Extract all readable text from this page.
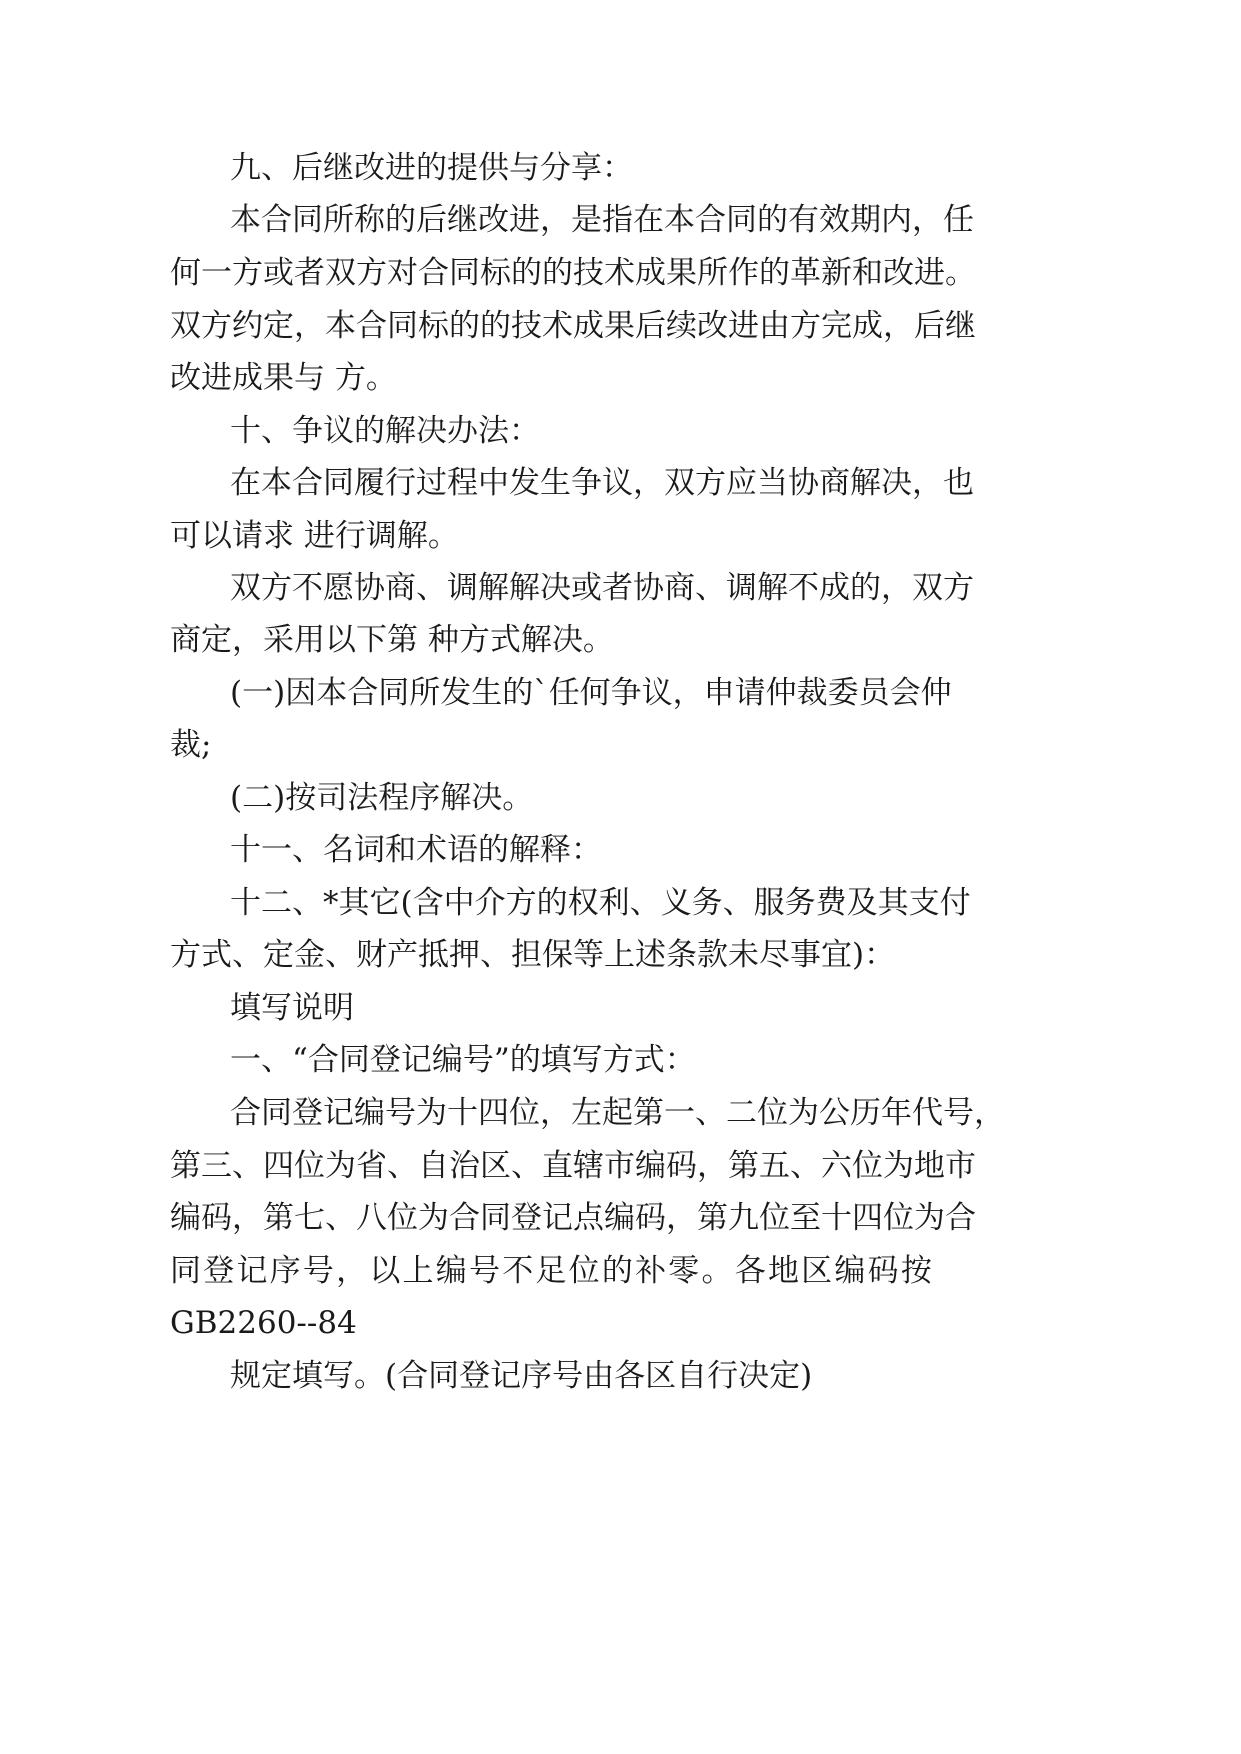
九、后继改进的提供与分享：
本 合 同 所 称 的 后 继 改 进 ， 是 指 在 本 合 同 的 有 效 期 内 ， 任
何一方或者双方对合同标的的技术成果所作的革新和改进。
双方约定，本合同标的的技术成果后续改进由方完成，后继
改进成果与 方。
十、争议的解决办法：
在 本 合 同 履 行 过 程 中 发 生 争 议 ， 双 方 应 当 协 商 解 决 ， 也
可以请求 进行调解。
双 方 不 愿 协 商 、 调 解 解 决 或 者 协 商 、 调 解 不 成 的 ， 双 方
商定，采用以下第 种方式解决。
(一)因本合同所发生的`任何争议，申请仲裁委员会仲
裁;
(二)按司法程序解决。
十一、名词和术语的解释：
十二、*其它(含中介方的权利、义务、服务费及其支付
方式、定金、财产抵押、担保等上述条款未尽事宜)：
填写说明
一、“合同登记编号”的填写方式：
合同登记编号为十四位，左起第一、二位为公历年代号，
第三、四位为省、自治区、直辖市编码，第五、六位为地市
编码，第七、八位为合同登记点编码，第九位至十四位为合
同 登 记 序 号 ， 以 上 编 号 不 足 位 的 补 零 。 各 地 区 编 码 按
GB2260--84
规定填写。(合同登记序号由各区自行决定)
